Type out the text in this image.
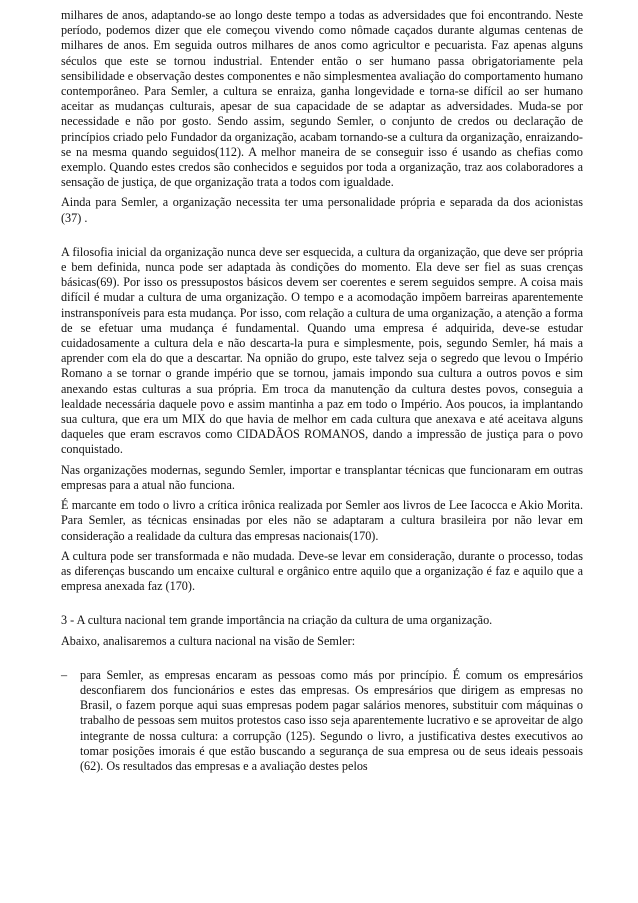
milhares de anos, adaptando-se ao longo deste tempo a todas as adversidades que foi encontrando. Neste período, podemos dizer que ele começou vivendo como nômade caçados durante algumas centenas de milhares de anos. Em seguida outros milhares de anos como agricultor e pecuarista. Faz apenas alguns séculos que este se tornou industrial. Entender então o ser humano passa obrigatoriamente pela sensibilidade e observação destes componentes e não simplesmentea avaliação do comportamento humano contemporâneo. Para Semler, a cultura se enraiza, ganha longevidade e torna-se difícil ao ser humano aceitar as mudanças culturais, apesar de sua capacidade de se adaptar as adversidades. Muda-se por necessidade e não por gosto. Sendo assim, segundo Semler, o conjunto de credos ou declaração de princípios criado pelo Fundador da organização, acabam tornando-se a cultura da organização, enraizando-se na mesma quando seguidos(112). A melhor maneira de se conseguir isso é usando as chefias como exemplo. Quando estes credos são conhecidos e seguidos por toda a organização, traz aos colaboradores a sensação de justiça, de que organização trata a todos com igualdade.

Ainda para Semler, a organização necessita ter uma personalidade própria e separada da dos acionistas (37) .

A filosofia inicial da organização nunca deve ser esquecida, a cultura da organização, que deve ser própria e bem definida, nunca pode ser adaptada às condições do momento. Ela deve ser fiel as suas crenças básicas(69). Por isso os pressupostos básicos devem ser coerentes e serem seguidos sempre. A coisa mais difícil é mudar a cultura de uma organização. O tempo e a acomodação impõem barreiras aparentemente instransponíveis para esta mudança. Por isso, com relação a cultura de uma organização, a atenção a forma de se efetuar uma mudança é fundamental. Quando uma empresa é adquirida, deve-se estudar cuidadosamente a cultura dela e não descarta-la pura e simplesmente, pois, segundo Semler, há mais a aprender com ela do que a descartar. Na opnião do grupo, este talvez seja o segredo que levou o Império Romano a se tornar o grande império que se tornou, jamais impondo sua cultura a outros povos e sim anexando estas culturas a sua própria. Em troca da manutenção da cultura destes povos, conseguia a lealdade necessária daquele povo e assim mantinha a paz em todo o Império. Aos poucos, ia implantando sua cultura, que era um MIX do que havia de melhor em cada cultura que anexava e até aceitava alguns daqueles que eram escravos como CIDADÃOS ROMANOS, dando a impressão de justiça para o povo conquistado.

Nas organizações modernas, segundo Semler, importar e transplantar técnicas que funcionaram em outras empresas para a atual não funciona.

É marcante em todo o livro a crítica irônica realizada por Semler aos livros de Lee Iacocca e Akio Morita. Para Semler, as técnicas ensinadas por eles não se adaptaram a cultura brasileira por não levar em consideração a realidade da cultura das empresas nacionais(170).

A cultura pode ser transformada e não mudada. Deve-se levar em consideração, durante o processo, todas as diferenças buscando um encaixe cultural e orgânico entre aquilo que a organização é faz e aquilo que a empresa anexada faz (170).

3 - A cultura nacional tem grande importância na criação da cultura de uma organização.

Abaixo, analisaremos a cultura nacional na visão de Semler:

– para Semler, as empresas encaram as pessoas como más por princípio. É comum os empresários desconfiarem dos funcionários e estes das empresas. Os empresários que dirigem as empresas no Brasil, o fazem porque aqui suas empresas podem pagar salários menores, substituir com máquinas o trabalho de pessoas sem muitos protestos caso isso seja aparentemente lucrativo e se aproveitar de algo integrante de nossa cultura: a corrupção (125). Segundo o livro, a justificativa destes executivos ao tomar posições imorais é que estão buscando a segurança de sua empresa ou de seus ideais pessoais (62). Os resultados das empresas e a avaliação destes pelos
